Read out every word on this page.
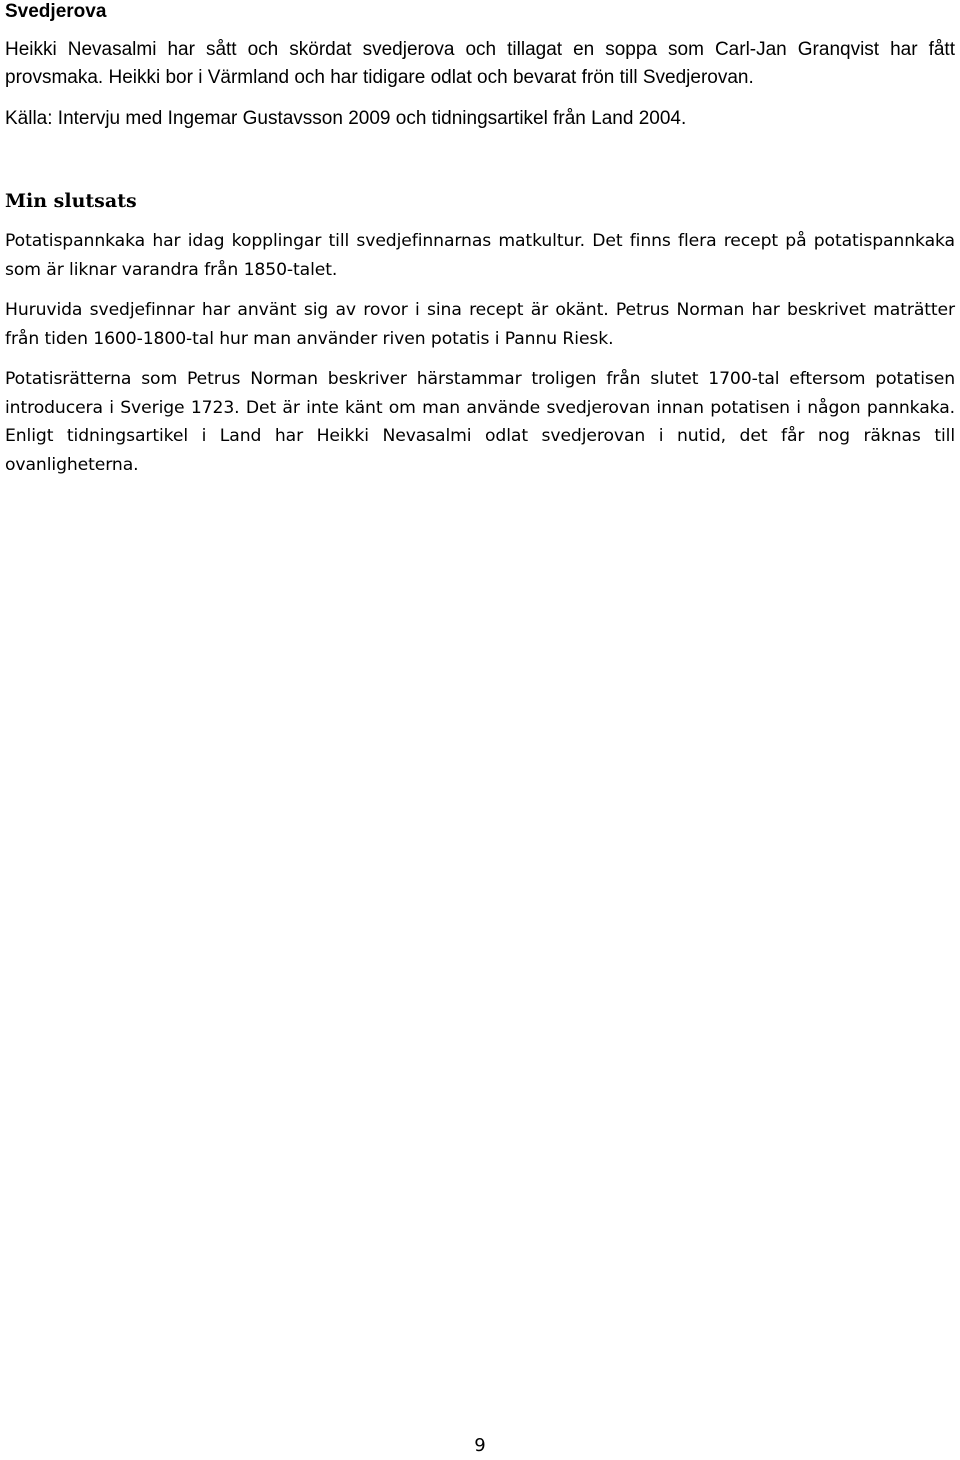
Svedjerova

Heikki Nevasalmi har sått och skördat svedjerova och tillagat en soppa som Carl-Jan Granqvist har fått provsmaka. Heikki bor i Värmland och har tidigare odlat och bevarat frön till Svedjerovan.

Källa: Intervju med Ingemar Gustavsson 2009 och tidningsartikel från Land 2004.

Min slutsats

Potatispannkaka har idag kopplingar till svedjefinnarnas matkultur. Det finns flera recept på potatispannkaka som är liknar varandra från 1850-talet.

Huruvida svedjefinnar har använt sig av rovor i sina recept är okänt. Petrus Norman har beskrivet maträtter från tiden 1600-1800-tal hur man använder riven potatis i Pannu Riesk.

Potatisrätterna som Petrus Norman beskriver härstammar troligen från slutet 1700-tal eftersom potatisen introducera i Sverige 1723. Det är inte känt om man använde svedjerovan innan potatisen i någon pannkaka. Enligt tidningsartikel i Land har Heikki Nevasalmi odlat svedjerovan i nutid, det får nog räknas till ovanligheterna.

9
